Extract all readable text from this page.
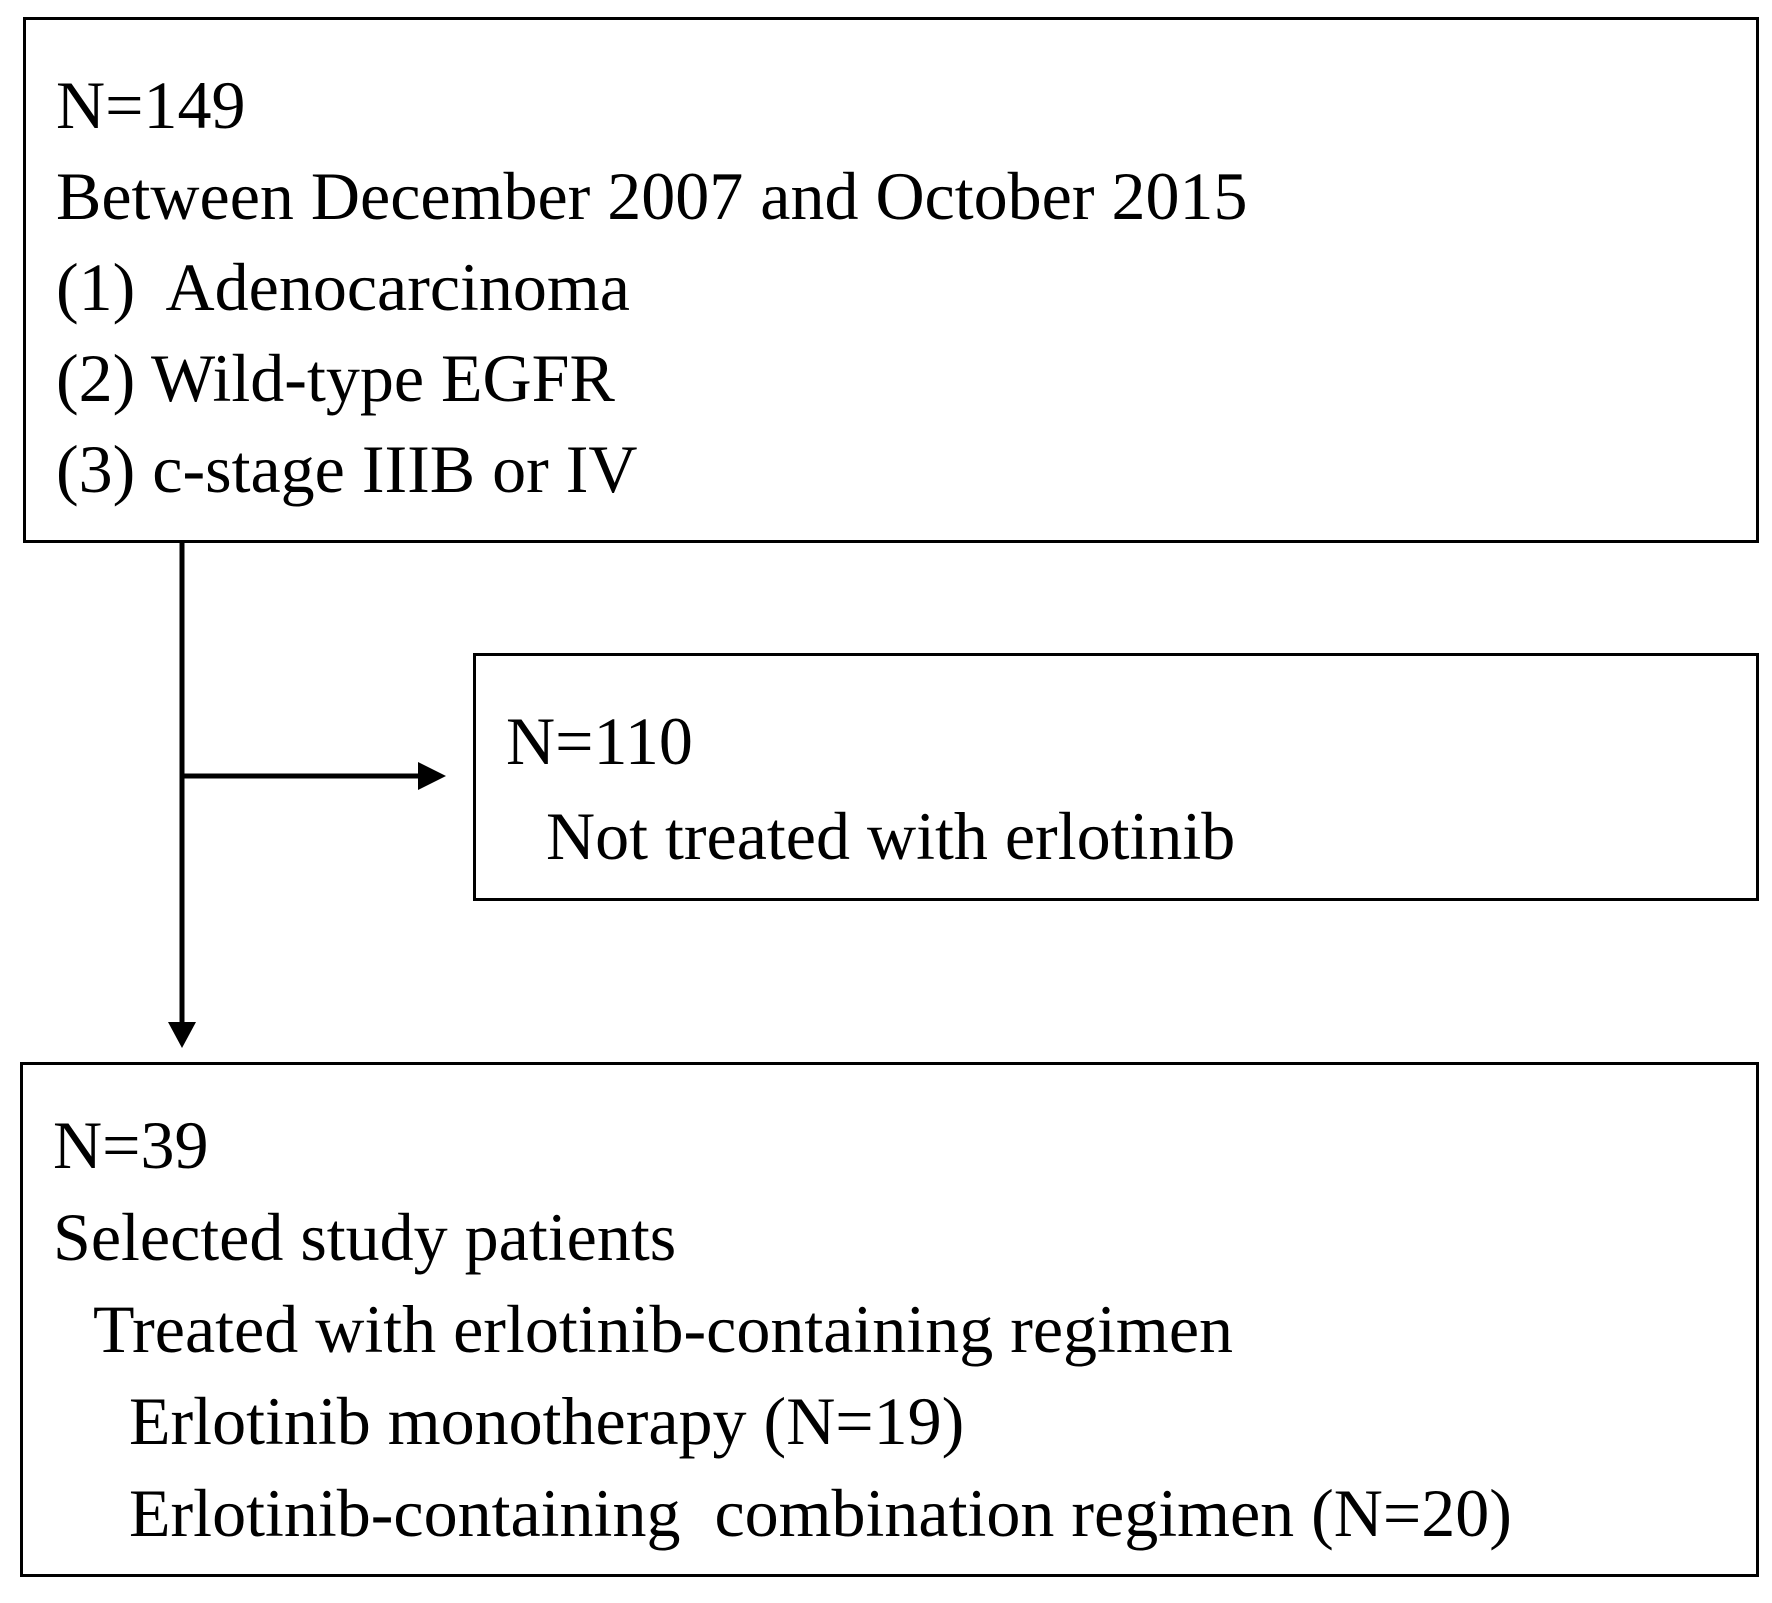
N=149
Between December 2007 and October 2015
(1)  Adenocarcinoma
(2) Wild-type EGFR
(3) c-stage IIIB or IV
N=110
Not treated with erlotinib
N=39
Selected study patients
Treated with erlotinib-containing regimen
Erlotinib monotherapy (N=19)
Erlotinib-containing  combination regimen (N=20)
